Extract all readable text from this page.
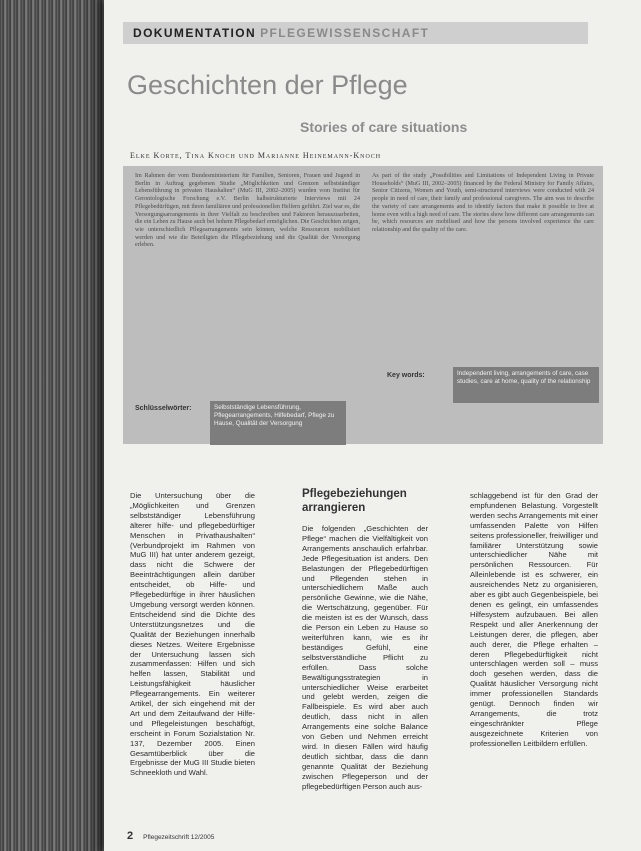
DOKUMENTATION PFLEGEWISSENSCHAFT
Geschichten der Pflege
Stories of care situations
Elke Korte, Tina Knoch und Marianne Heinemann-Knoch
Im Rahmen der vom Bundesministerium für Familien, Senioren, Frauen und Jugend in Berlin in Auftrag gegebenen Studie „Möglichkeiten und Grenzen selbstständiger Lebensführung in privaten Haushalten“ (MuG III, 2002–2005) wurden vom Institut für Gerontologische Forschung e.V. Berlin halbstrukturierte Interviews mit 24 Pflegebedürftigen, mit ihren familiären und professionellen Helfern geführt. Ziel war es, die Versorgungsarrangements in ihrer Vielfalt zu beschreiben und Faktoren herauszuarbeiten, die ein Leben zu Hause auch bei hohem Pflegebedarf ermöglichen. Die Geschichten zeigen, wie unterschiedlich Pflegearrangements sein können, welche Ressourcen mobilisiert werden und wie die Beteiligten die Pflegebeziehung und die Qualität der Versorgung erleben.
As part of the study „Possibilities and Limitations of Independent Living in Private Households“ (MuG III, 2002–2005) financed by the Federal Ministry for Family Affairs, Senior Citizens, Women and Youth, semi-structured interviews were conducted with 24 people in need of care, their family and professional caregivers. The aim was to describe the variety of care arrangements and to identify factors that make it possible to live at home even with a high need of care. The stories show how different care arrangements can be, which resources are mobilised and how the persons involved experience the care relationship and the quality of the care.
Schlüsselwörter:	Selbstständige Lebensführung, Pflegearrangements, Hilfebedarf, Pflege zu Hause, Qualität der Versorgung
Key words:	Independent living, arrangements of care, case studies, care at home, quality of the relationship
Die Untersuchung über die „Möglichkeiten und Grenzen selbstständiger Lebensführung älterer hilfe- und pflegebedürftiger Menschen in Privathaushalten“ (Verbundprojekt im Rahmen von MuG III) hat unter anderem gezeigt, dass nicht die Schwere der Beeinträchtigungen allein darüber entscheidet, ob Hilfe- und Pflegebedürftige in ihrer häuslichen Umgebung versorgt werden können. Entscheidend sind die Dichte des Unterstützungsnetzes und die Qualität der Beziehungen innerhalb dieses Netzes. Weitere Ergebnisse der Untersuchung lassen sich zusammenfassen: Hilfen und sich helfen lassen, Stabilität und Leistungsfähigkeit häuslicher Pflegearrangements. Ein weiterer Artikel, der sich eingehend mit der Art und dem Zeitaufwand der Hilfe- und Pflegeleistungen beschäftigt, erscheint in Forum Sozialstation Nr. 137, Dezember 2005. Einen Gesamtüberblick über die Ergebnisse der MuG III Studie bieten Schneekloth und Wahl.
Pflegebeziehungen arrangieren
Die folgenden „Geschichten der Pflege“ machen die Vielfältigkeit von Arrangements anschaulich erfahrbar. Jede Pflegesituation ist anders. Den Belastungen der Pflegebedürftigen und Pflegenden stehen in unterschiedlichem Maße auch persönliche Gewinne, wie die Nähe, die Wertschätzung, gegenüber. Für die meisten ist es der Wunsch, dass die Person ein Leben zu Hause so weiterführen kann, wie es ihr beständiges Gefühl, eine selbstverständliche Pflicht zu erfüllen. Dass solche Bewältigungsstrategien in unterschiedlicher Weise erarbeitet und gelebt werden, zeigen die Fallbeispiele. Es wird aber auch deutlich, dass nicht in allen Arrangements eine solche Balance von Geben und Nehmen erreicht wird. In diesen Fällen wird häufig deutlich sichtbar, dass die dann genannte Qualität der Beziehung zwischen Pflegeperson und der pflegebedürftigen Person auch aus-
schlaggebend ist für den Grad der empfundenen Belastung. Vorgestellt werden sechs Arrangements mit einer umfassenden Palette von Hilfen seitens professioneller, freiwilliger und familiärer Unterstützung sowie unterschiedlicher Nähe mit persönlichen Ressourcen. Für Alleinlebende ist es schwerer, ein ausreichendes Netz zu organisieren, aber es gibt auch Gegenbeispiele, bei denen es gelingt, ein umfassendes Hilfesystem aufzubauen. Bei allen Respekt und aller Anerkennung der Leistungen derer, die pflegen, aber auch derer, die Pflege erhalten – deren Pflegebedürftigkeit nicht unterschlagen werden soll – muss doch gesehen werden, dass die Qualität häuslicher Versorgung nicht immer professionellen Standards genügt. Dennoch finden wir Arrangements, die trotz eingeschränkter Pflege ausgezeichnete Kriterien von professionellen Leitbildern erfüllen.
2 Pflegezeitschrift 12/2005
